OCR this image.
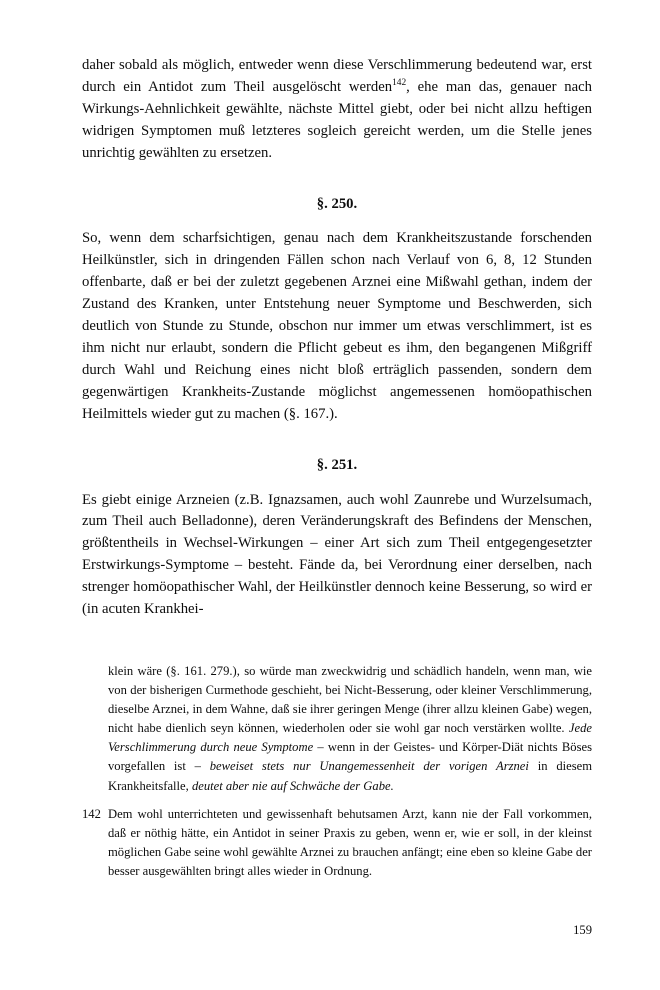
daher sobald als möglich, entweder wenn diese Verschlimmerung bedeutend war, erst durch ein Antidot zum Theil ausgelöscht werden$^{142}$, ehe man das, genauer nach Wirkungs-Aehnlichkeit gewählte, nächste Mittel giebt, oder bei nicht allzu heftigen widrigen Symptomen muß letzteres sogleich gereicht werden, um die Stelle jenes unrichtig gewählten zu ersetzen.

§. 250.

So, wenn dem scharfsichtigen, genau nach dem Krankheitszustande forschenden Heilkünstler, sich in dringenden Fällen schon nach Verlauf von 6, 8, 12 Stunden offenbarte, daß er bei der zuletzt gegebenen Arznei eine Mißwahl gethan, indem der Zustand des Kranken, unter Entstehung neuer Symptome und Beschwerden, sich deutlich von Stunde zu Stunde, obschon nur immer um etwas verschlimmert, ist es ihm nicht nur erlaubt, sondern die Pflicht gebeut es ihm, den begangenen Mißgriff durch Wahl und Reichung eines nicht bloß erträglich passenden, sondern dem gegenwärtigen Krankheits-Zustande möglichst angemessenen homöopathischen Heilmittels wieder gut zu machen (§. 167.).

§. 251.

Es giebt einige Arzneien (z.B. Ignazsamen, auch wohl Zaunrebe und Wurzelsumach, zum Theil auch Belladonne), deren Veränderungskraft des Befindens der Menschen, größtentheils in Wechsel-Wirkungen – einer Art sich zum Theil entgegengesetzter Erstwirkungs-Symptome – besteht. Fände da, bei Verordnung einer derselben, nach strenger homöopathischer Wahl, der Heilkünstler dennoch keine Besserung, so wird er (in acuten Krankhei-

klein wäre (§. 161. 279.), so würde man zweckwidrig und schädlich handeln, wenn man, wie von der bisherigen Curmethode geschieht, bei Nicht-Besserung, oder kleiner Verschlimmerung, dieselbe Arznei, in dem Wahne, daß sie ihrer geringen Menge (ihrer allzu kleinen Gabe) wegen, nicht habe dienlich seyn können, wiederholen oder sie wohl gar noch verstärken wollte. Jede Verschlimmerung durch neue Symptome – wenn in der Geistes- und Körper-Diät nichts Böses vorgefallen ist – beweiset stets nur Unangemessenheit der vorigen Arznei in diesem Krankheitsfalle, deutet aber nie auf Schwäche der Gabe.

142 Dem wohl unterrichteten und gewissenhaft behutsamen Arzt, kann nie der Fall vorkommen, daß er nöthig hätte, ein Antidot in seiner Praxis zu geben, wenn er, wie er soll, in der kleinst möglichen Gabe seine wohl gewählte Arznei zu brauchen anfängt; eine eben so kleine Gabe der besser ausgewählten bringt alles wieder in Ordnung.

159
